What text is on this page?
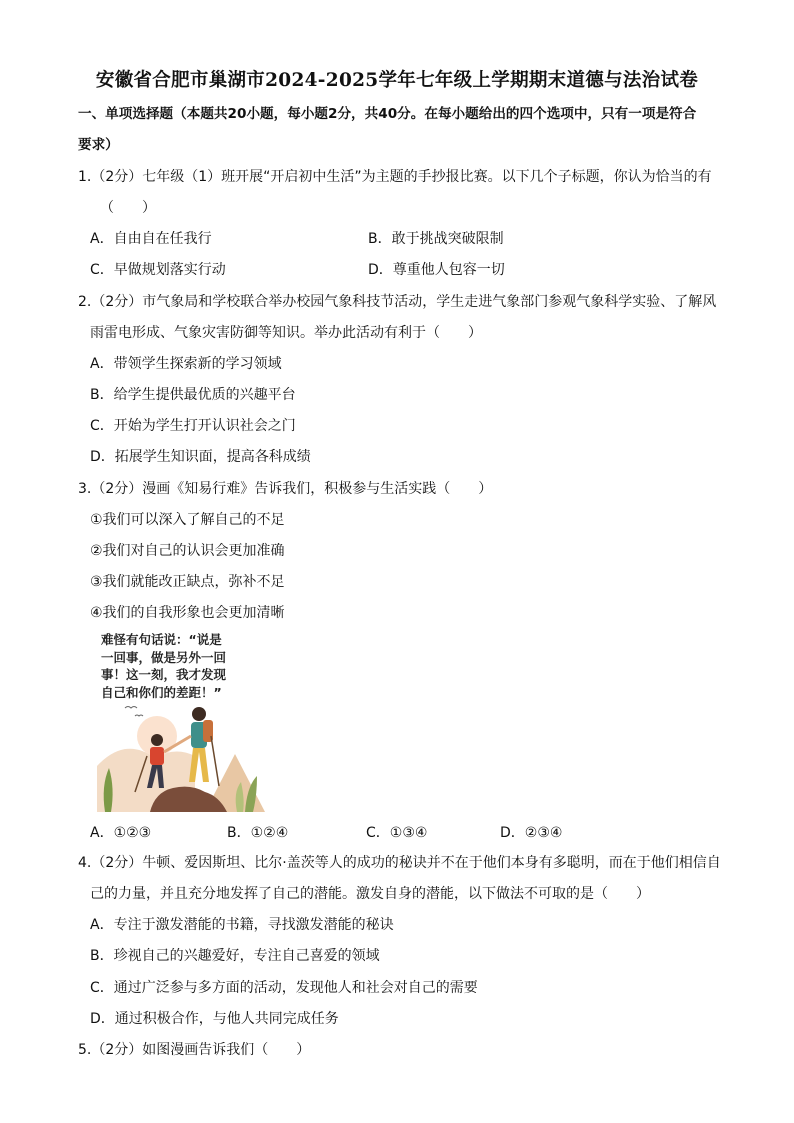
安徽省合肥市巢湖市2024-2025学年七年级上学期期末道德与法治试卷
一、单项选择题（本题共20小题，每小题2分，共40分。在每小题给出的四个选项中，只有一项是符合
要求）
1.（2分）七年级（1）班开展“开启初中生活”为主题的手抄报比赛。以下几个子标题，你认为恰当的有
（　　）
A．自由自在任我行	B．敢于挑战突破限制
C．早做规划落实行动	D．尊重他人包容一切
2.（2分）市气象局和学校联合举办校园气象科技节活动，学生走进气象部门参观气象科学实验、了解风
雨雷电形成、气象灾害防御等知识。举办此活动有利于（　　）
A．带领学生探索新的学习领域
B．给学生提供最优质的兴趣平台
C．开始为学生打开认识社会之门
D．拓展学生知识面，提高各科成绩
3.（2分）漫画《知易行难》告诉我们，积极参与生活实践（　　）
①我们可以深入了解自己的不足
②我们对自己的认识会更加准确
③我们就能改正缺点，弥补不足
④我们的自我形象也会更加清晰
难怪有句话说：“说是
一回事，做是另外一回
事！这一刻，我才发现
自己和你们的差距！”
A．①②③	B．①②④	C．①③④	D．②③④
4.（2分）牛顿、爱因斯坦、比尔·盖茨等人的成功的秘诀并不在于他们本身有多聪明，而在于他们相信自
己的力量，并且充分地发挥了自己的潜能。激发自身的潜能，以下做法不可取的是（　　）
A．专注于激发潜能的书籍，寻找激发潜能的秘诀
B．珍视自己的兴趣爱好，专注自己喜爱的领域
C．通过广泛参与多方面的活动，发现他人和社会对自己的需要
D．通过积极合作，与他人共同完成任务
5.（2分）如图漫画告诉我们（　　）
